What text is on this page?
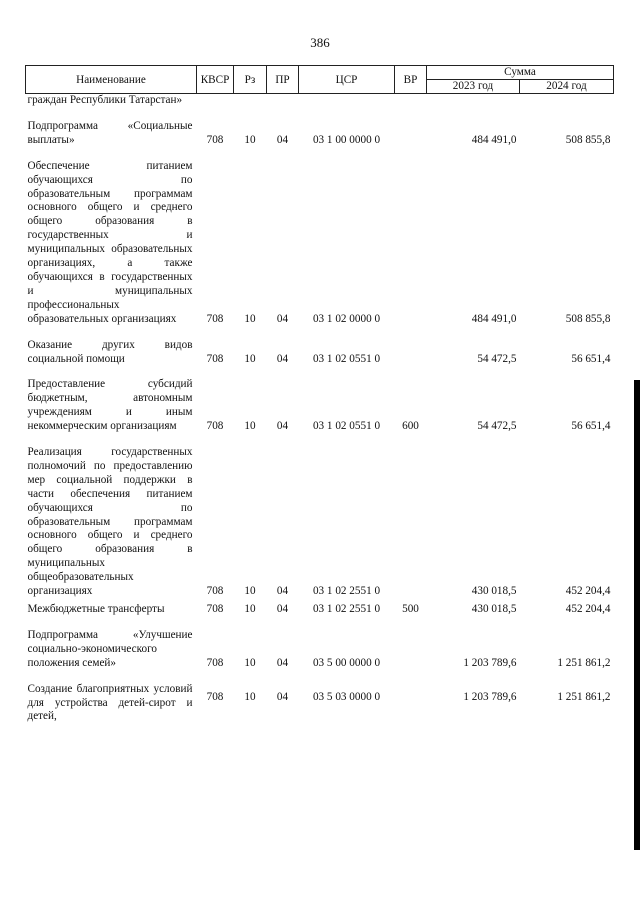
386
Наименование	КВСР	Рз	ПР	ЦСР	ВР	Сумма	
						2023 год	2024 год
граждан Республики Татарстан»							

Подпрограмма «Социальные выплаты»	708	10	04	03 1 00 0000 0		484 491,0	508 855,8

Обеспечение питанием обучающихся по образовательным программам основного общего и среднего общего образования в государственных и муниципальных образовательных организациях, а также обучающихся в государственных и муниципальных профессиональных образовательных организациях	708	10	04	03 1 02 0000 0		484 491,0	508 855,8

Оказание других видов социальной помощи	708	10	04	03 1 02 0551 0		54 472,5	56 651,4

Предоставление субсидий бюджетным, автономным учреждениям и иным некоммерческим организациям	708	10	04	03 1 02 0551 0	600	54 472,5	56 651,4

Реализация государственных полномочий по предоставлению мер социальной поддержки в части обеспечения питанием обучающихся по образовательным программам основного общего и среднего общего образования в муниципальных общеобразовательных организациях	708	10	04	03 1 02 2551 0		430 018,5	452 204,4

Межбюджетные трансферты	708	10	04	03 1 02 2551 0	500	430 018,5	452 204,4

Подпрограмма «Улучшение социально-экономического положения семей»	708	10	04	03 5 00 0000 0		1 203 789,6	1 251 861,2

Создание благоприятных условий для устройства детей-сирот и детей,	708	10	04	03 5 03 0000 0		1 203 789,6	1 251 861,2
